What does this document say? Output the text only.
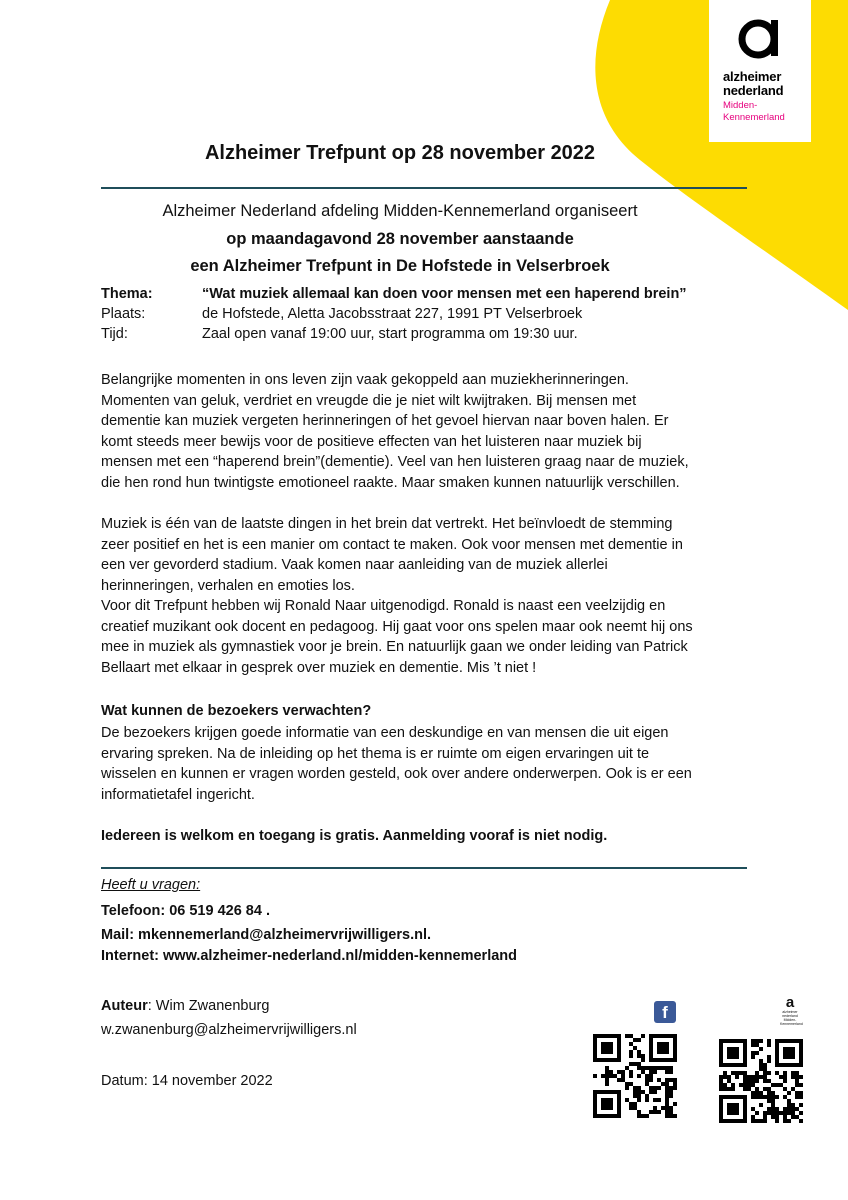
alzheimer
nederland
Midden-
Kennemerland
Alzheimer Trefpunt op 28 november 2022
Alzheimer Nederland afdeling Midden-Kennemerland organiseert
op maandagavond 28 november aanstaande
een Alzheimer Trefpunt in De Hofstede in Velserbroek
Thema:	“Wat muziek allemaal kan doen voor mensen met een haperend brein”
Plaats:	de Hofstede, Aletta Jacobsstraat 227, 1991 PT Velserbroek
Tijd:	Zaal open vanaf 19:00 uur, start programma om 19:30 uur.

Belangrijke momenten in ons leven zijn vaak gekoppeld aan muziekherinneringen.

Momenten van geluk, verdriet en vreugde die je niet wilt kwijtraken. Bij mensen met

dementie kan muziek vergeten herinneringen of het gevoel hiervan naar boven halen. Er

komt steeds meer bewijs voor de positieve effecten van het luisteren naar muziek bij

mensen met een “haperend brein”(dementie). Veel van hen luisteren graag naar de muziek,

die hen rond hun twintigste emotioneel raakte. Maar smaken kunnen natuurlijk verschillen.

Muziek is één van de laatste dingen in het brein dat vertrekt. Het beïnvloedt de stemming

zeer positief en het is een manier om contact te maken. Ook voor mensen met dementie in

een ver gevorderd stadium. Vaak komen naar aanleiding van de muziek allerlei

herinneringen, verhalen en emoties los.

Voor dit Trefpunt hebben wij Ronald Naar uitgenodigd. Ronald is naast een veelzijdig en

creatief muzikant ook docent en pedagoog. Hij gaat voor ons spelen maar ook neemt hij ons

mee in muziek als gymnastiek voor je brein. En natuurlijk gaan we onder leiding van Patrick

Bellaart met elkaar in gesprek over muziek en dementie. Mis ’t niet !

Wat kunnen de bezoekers verwachten?

De bezoekers krijgen goede informatie van een deskundige en van mensen die uit eigen

ervaring spreken. Na de inleiding op het thema is er ruimte om eigen ervaringen uit te

wisselen en kunnen er vragen worden gesteld, ook over andere onderwerpen. Ook is er een

informatietafel ingericht.

Iedereen is welkom en toegang is gratis. Aanmelding vooraf is niet nodig.
Heeft u vragen:
Telefoon: 06 519 426 84 .
Mail: mkennemerland@alzheimervrijwilligers.nl.
Internet: www.alzheimer-nederland.nl/midden-kennemerland
Auteur: Wim Zwanenburg
w.zwanenburg@alzheimervrijwilligers.nl
Datum: 14 november 2022
f
a
alzheimer nederland Midden-Kennemerland
